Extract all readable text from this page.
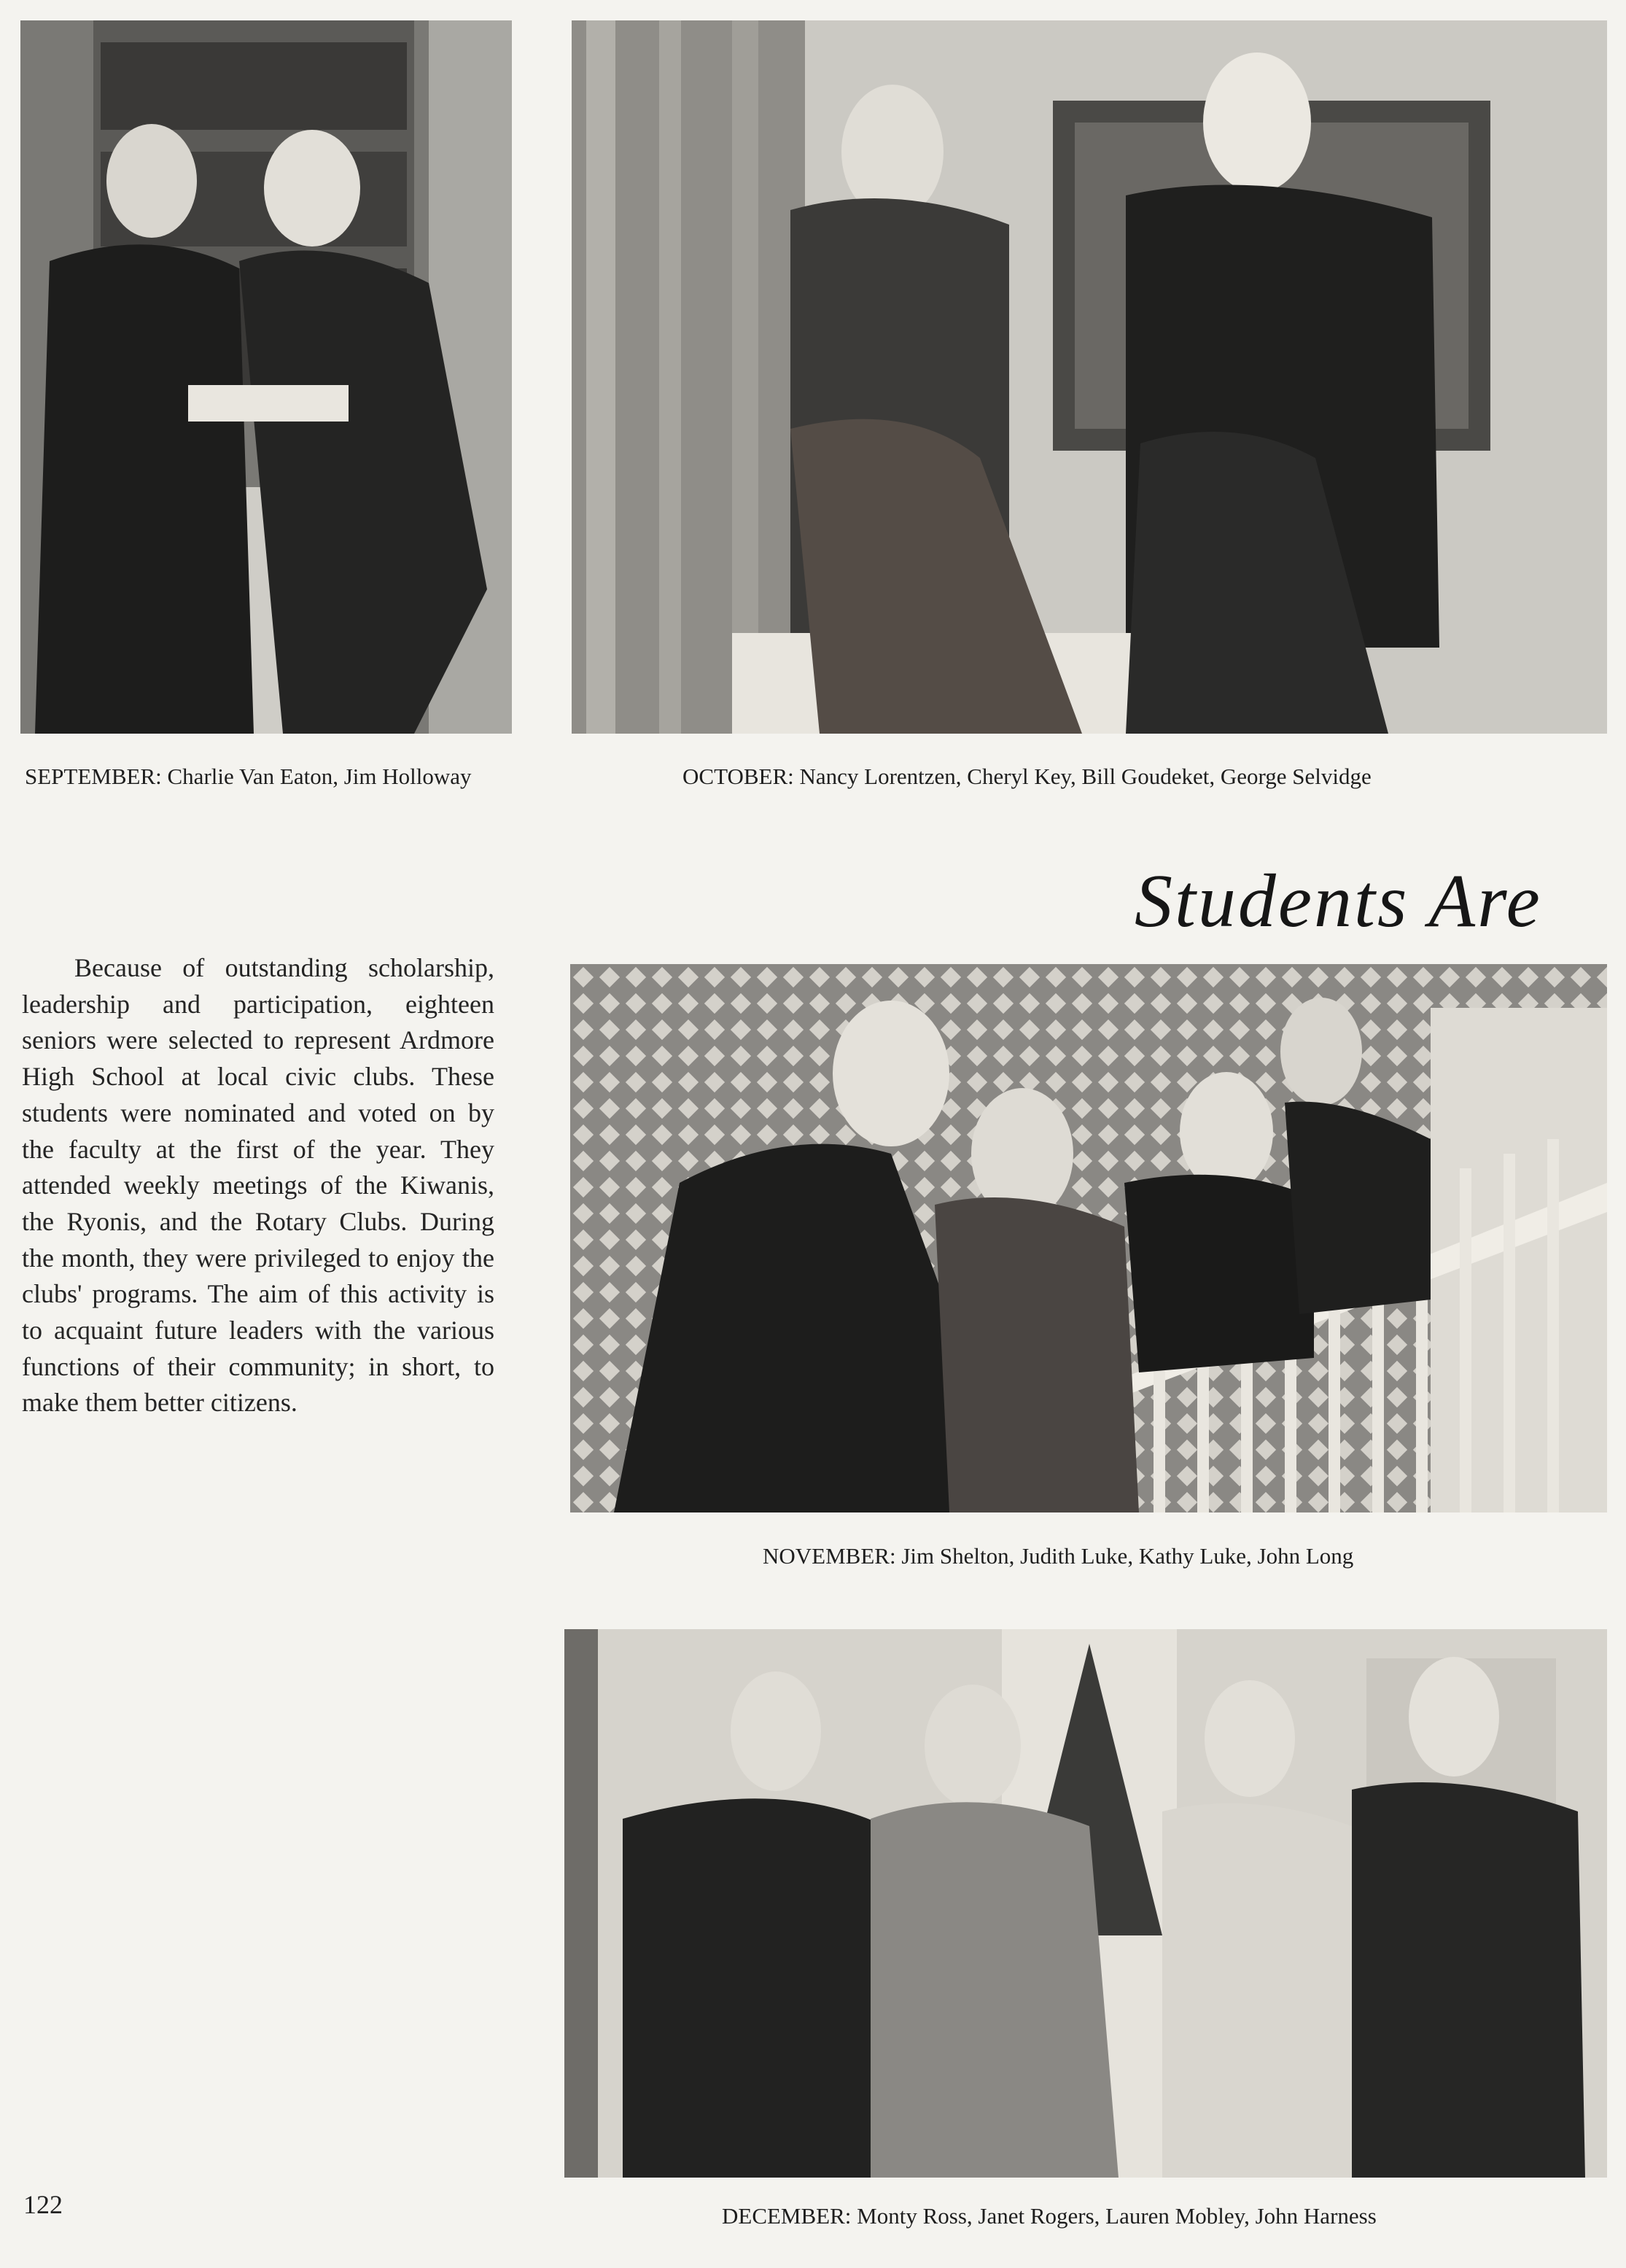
SEPTEMBER: Charlie Van Eaton, Jim Holloway	OCTOBER: Nancy Lorentzen, Cheryl Key, Bill Goudeket, George Selvidge
Students Are
Because of outstanding scholarship, leadership and participation, eighteen seniors were selected to represent Ardmore High School at local civic clubs. These students were nominated and voted on by the faculty at the first of the year. They attended weekly meetings of the Kiwanis, the Ryonis, and the Rotary Clubs. During the month, they were privileged to enjoy the clubs' programs. The aim of this activity is to acquaint future leaders with the various functions of their community; in short, to make them better citizens.
NOVEMBER: Jim Shelton, Judith Luke, Kathy Luke, John Long
122	DECEMBER: Monty Ross, Janet Rogers, Lauren Mobley, John Harness
